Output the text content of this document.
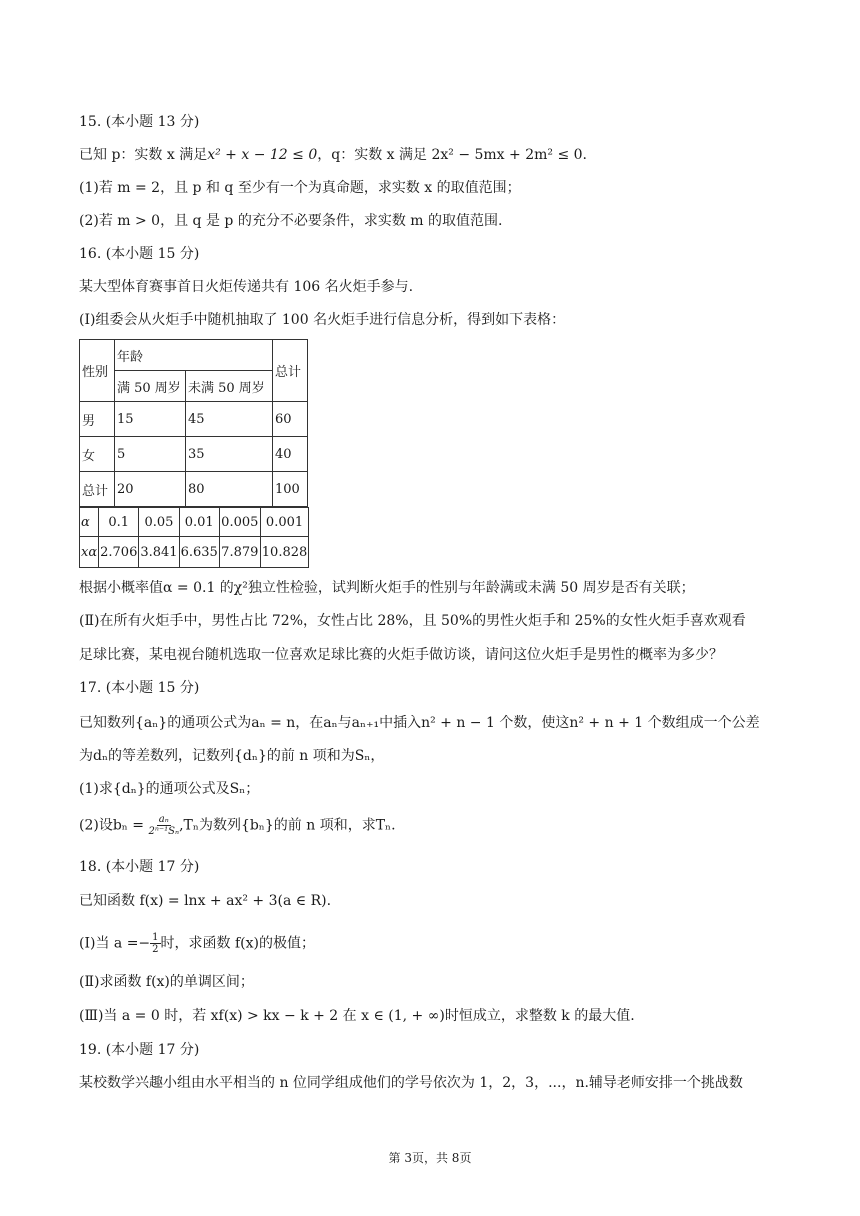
15. (本小题 13 分)
已知 p：实数 x 满足x² + x − 12 ≤ 0，q：实数 x 满足 2x² − 5mx + 2m² ≤ 0.
(1)若 m = 2，且 p 和 q 至少有一个为真命题，求实数 x 的取值范围；
(2)若 m > 0，且 q 是 p 的充分不必要条件，求实数 m 的取值范围.
16. (本小题 15 分)
某大型体育赛事首日火炬传递共有 106 名火炬手参与.
(Ⅰ)组委会从火炬手中随机抽取了 100 名火炬手进行信息分析，得到如下表格：
性别	年龄		总计
	满 50 周岁	未满 50 周岁	
男	15	45	60
女	5	35	40
总计	20	80	100
α	0.1	0.05	0.01	0.005	0.001
xα	2.706	3.841	6.635	7.879	10.828
根据小概率值α = 0.1 的χ²独立性检验，试判断火炬手的性别与年龄满或未满 50 周岁是否有关联；
(Ⅱ)在所有火炬手中，男性占比 72%，女性占比 28%，且 50%的男性火炬手和 25%的女性火炬手喜欢观看
足球比赛，某电视台随机选取一位喜欢足球比赛的火炬手做访谈，请问这位火炬手是男性的概率为多少？
17. (本小题 15 分)
已知数列{aₙ}的通项公式为aₙ = n，在aₙ与aₙ₊₁中插入n² + n − 1 个数，使这n² + n + 1 个数组成一个公差
为dₙ的等差数列，记数列{dₙ}的前 n 项和为Sₙ，
(1)求{dₙ}的通项公式及Sₙ；
(2)设$b_n = \frac{\text{aₙ}}{\text{2ⁿ⁻¹Sₙ}} ,T_n$为数列{bₙ}的前 n 项和，求Tₙ.
18. (本小题 17 分)
已知函数 f(x) = lnx + ax² + 3(a ∈ R).
(Ⅰ)当 $a =- \frac{1}{2}$ 时，求函数 f(x)的极值；
(Ⅱ)求函数 f(x)的单调区间；
(Ⅲ)当 a = 0 时，若 xf(x) > kx − k + 2 在 x ∈ (1, + ∞)时恒成立，求整数 k 的最大值.
19. (本小题 17 分)
某校数学兴趣小组由水平相当的 n 位同学组成他们的学号依次为 1，2，3，...，n.辅导老师安排一个挑战数
第 3页，共 8页
